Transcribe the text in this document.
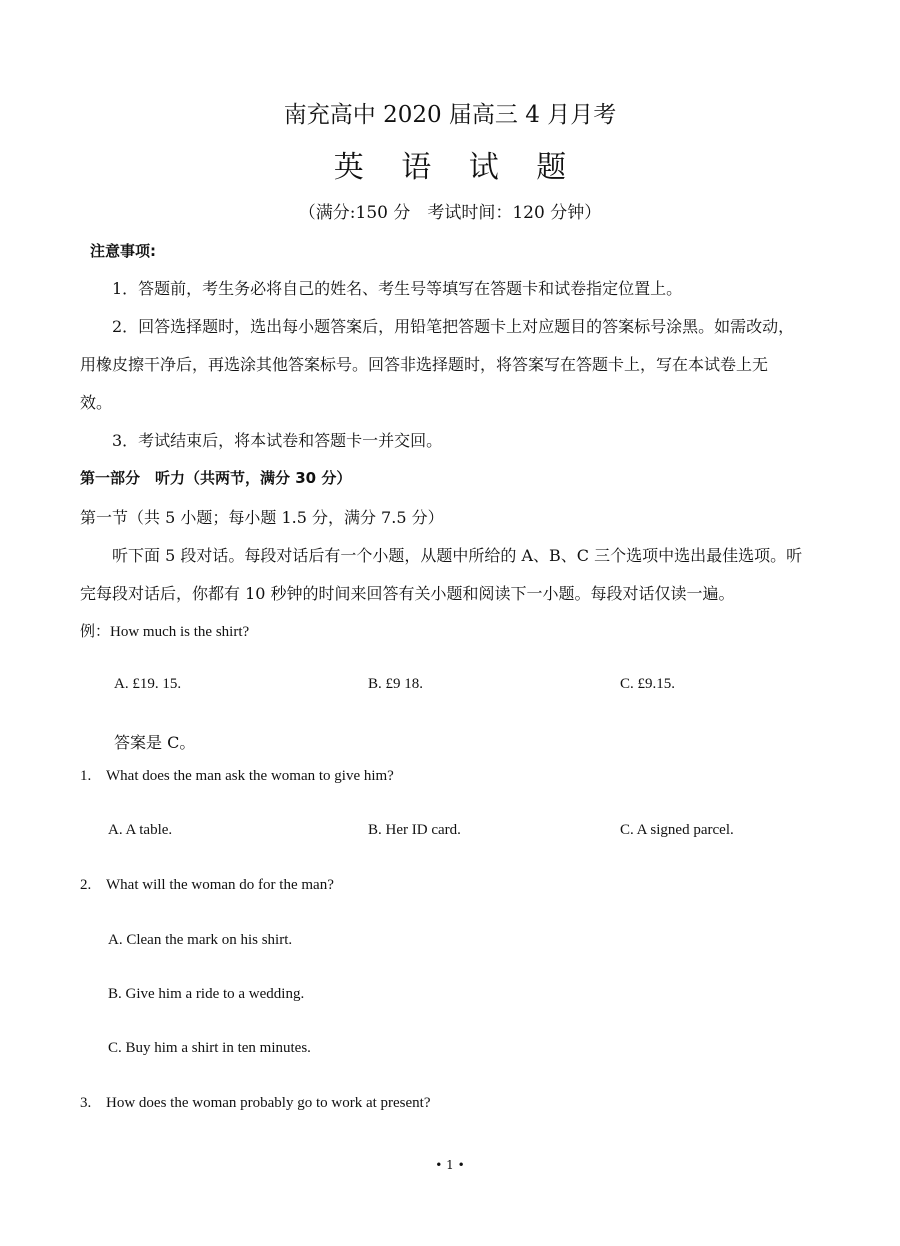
南充高中 2020 届高三 4 月月考
英 语 试 题
（满分:150 分　考试时间：120 分钟）
注意事项:
1．答题前，考生务必将自己的姓名、考生号等填写在答题卡和试卷指定位置上。
2．回答选择题时，选出每小题答案后，用铅笔把答题卡上对应题目的答案标号涂黑。如需改动，
用橡皮擦干净后，再选涂其他答案标号。回答非选择题时，将答案写在答题卡上，写在本试卷上无
效。
3．考试结束后，将本试卷和答题卡一并交回。
第一部分　听力（共两节，满分 30 分）
第一节（共 5 小题；每小题 1.5 分，满分 7.5 分）
听下面 5 段对话。每段对话后有一个小题，从题中所给的 A、B、C 三个选项中选出最佳选项。听
完每段对话后，你都有 10 秒钟的时间来回答有关小题和阅读下一小题。每段对话仅读一遍。
例：How much is the shirt?
A. £19. 15.	B. £9 18.	C. £9.15.
答案是 C。
1. What does the man ask the woman to give him?
A. A table.	B. Her ID card.	C. A signed parcel.
2. What will the woman do for the man?
A. Clean the mark on his shirt.
B. Give him a ride to a wedding.
C. Buy him a shirt in ten minutes.
3. How does the woman probably go to work at present?
• 1 •
